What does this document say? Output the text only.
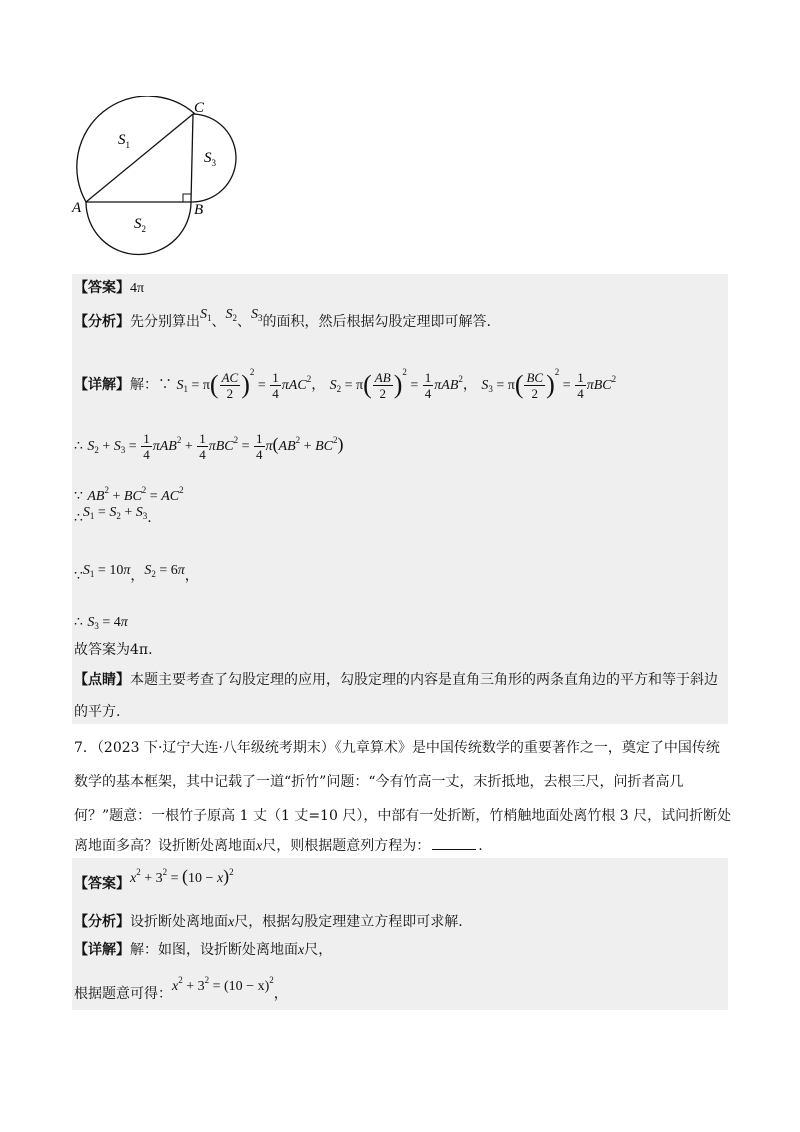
$S_1$
$S_3$
$S_2$
A	B
C
【答案】4π
【分析】先分别算出$S_1$、$S_2$、$S_3$的面积，然后根据勾股定理即可解答.
【详解】解：∵ $S_1 = \pi( \frac{AC}{2} )^2 = \frac{1}{4} \pi AC^2$， $S_2 = \pi( \frac{AB}{2} )^2 = \frac{1}{4} \pi AB^2$， $S_3 = \pi( \frac{BC}{2} )^2 = \frac{1}{4} \pi BC^2$
∴ $S_2 + S_3 = \frac{1}{4} \pi AB^2 + \frac{1}{4} \pi BC^2 = \frac{1}{4} \pi(AB^2 + BC^2)$
∵ $AB^2 + BC^2 = AC^2$
$\therefore S_1 = S_2 + S_3$.
$\because S_1 = 10\pi$，$S_2 = 6\pi$，
∴ $S_3 = 4\pi$
故答案为4π.
【点睛】本题主要考查了勾股定理的应用，勾股定理的内容是直角三角形的两条直角边的平方和等于斜边
的平方.
7．（2023 下·辽宁大连·八年级统考期末）《九章算术》是中国传统数学的重要著作之一，奠定了中国传统
数学的基本框架，其中记载了一道“折竹”问题：“今有竹高一丈，末折抵地，去根三尺，问折者高几
何？”题意：一根竹子原高 1 丈（1 丈=10 尺），中部有一处折断，竹梢触地面处离竹根 3 尺，试问折断处
离地面多高？设折断处离地面x尺，则根据题意列方程为：	.
【答案】$x^2 + 3^2 = (10 - x)^2$
【分析】设折断处离地面x尺，根据勾股定理建立方程即可求解.
【详解】解：如图，设折断处离地面x尺，
根据题意可得：$x^2 + 3^2 = (10 - x)^2$，
